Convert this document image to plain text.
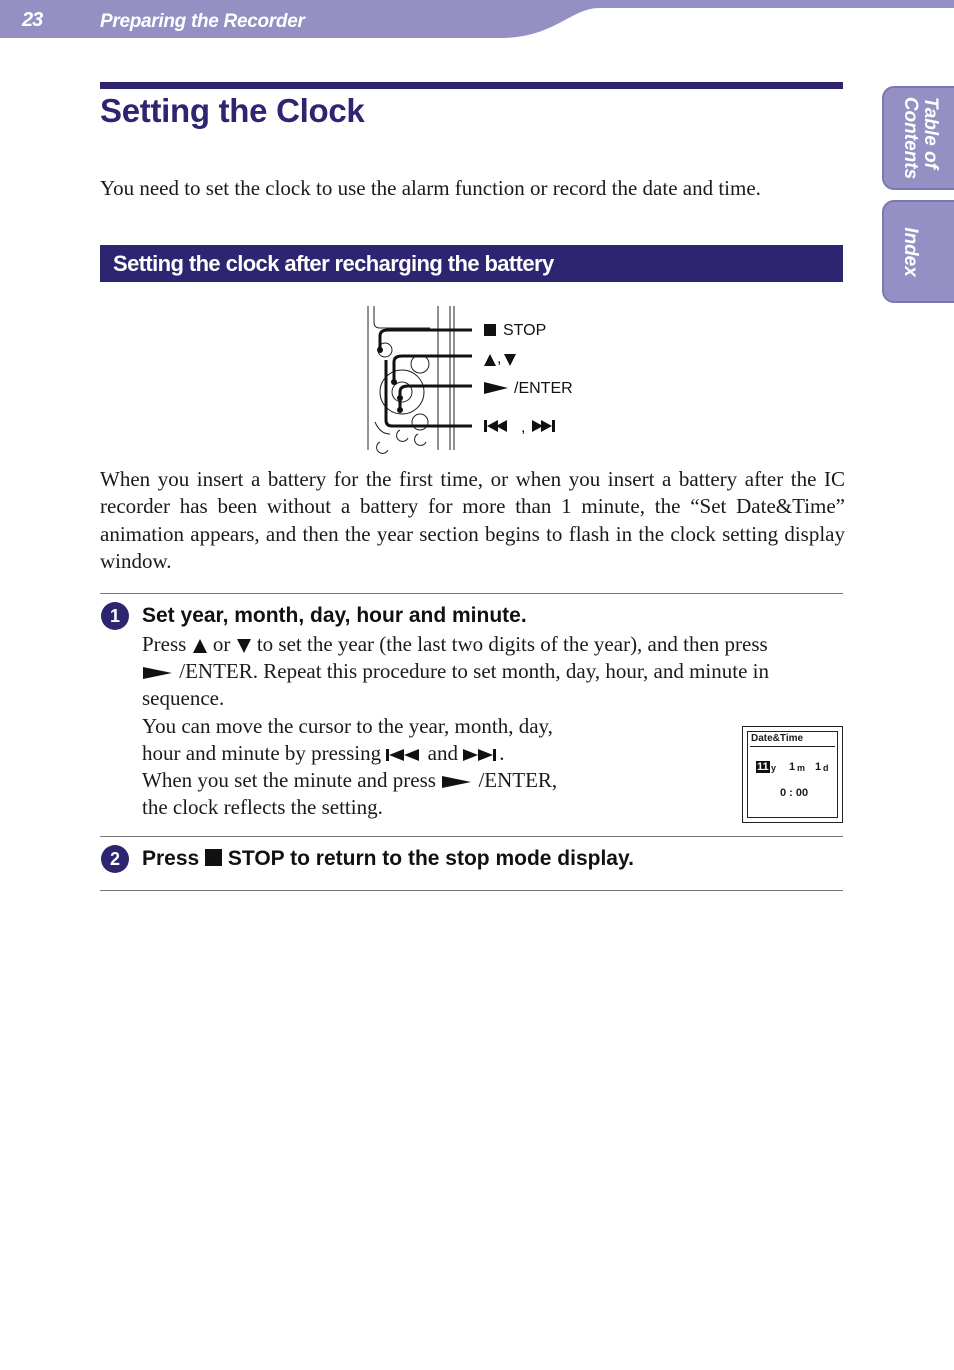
23	Preparing the Recorder
Table of
Contents
Index
Setting the Clock
You need to set the clock to use the alarm function or record the date and time.
Setting the clock after recharging the battery
STOP
,
/ENTER
,
When you insert a battery for the first time, or when you insert a battery after the IC recorder has been without a battery for more than 1 minute, the “Set Date&Time” animation appears, and then the year section begins to flash in the clock setting display window.
1	Set year, month, day, hour and minute.
Press  or  to set the year (the last two digits of the year), and then press
/ENTER. Repeat this procedure to set month, day, hour, and minute in
sequence.
You can move the cursor to the year, month, day,
hour and minute by pressing  and .
When you set the minute and press  /ENTER,
the clock reflects the setting.
Date&Time
11 y 1 m 1 d
0 : 00
2	Press  STOP to return to the stop mode display.
